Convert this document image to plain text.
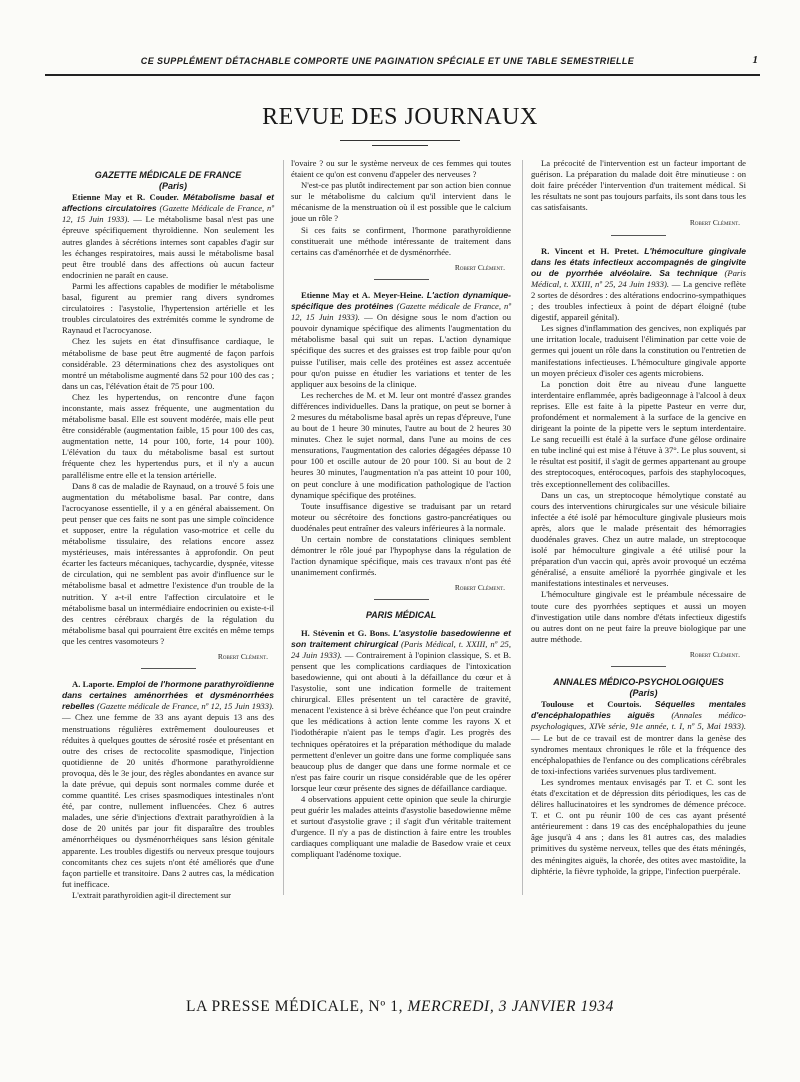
CE SUPPLÉMENT DÉTACHABLE COMPORTE UNE PAGINATION SPÉCIALE ET UNE TABLE SEMESTRIELLE	1
REVUE DES JOURNAUX

GAZETTE MÉDICALE DE FRANCE

(Paris)

Etienne May et R. Couder. Métabolisme basal et affections circulatoires (Gazette Médicale de France, nº 12, 15 Juin 1933). — Le métabolisme basal n'est pas une épreuve spécifiquement thyroïdienne. Non seulement les autres glandes à sécrétions internes sont capables d'agir sur les échanges respiratoires, mais aussi le métabolisme basal peut être troublé dans des affections où aucun facteur endocrinien ne paraît en cause.

Parmi les affections capables de modifier le métabolisme basal, figurent au premier rang divers syndromes circulatoires : l'asystolie, l'hypertension artérielle et les troubles circulatoires des extrémités comme le syndrome de Raynaud et l'acrocyanose.

Chez les sujets en état d'insuffisance cardiaque, le métabolisme de base peut être augmenté de façon parfois considérable. 23 déterminations chez des asystoliques ont montré un métabolisme augmenté dans 52 pour 100 des cas ; dans un cas, l'élévation était de 75 pour 100.

Chez les hypertendus, on rencontre d'une façon inconstante, mais assez fréquente, une augmentation du métabolisme basal. Elle est souvent modérée, mais elle peut être considérable (augmentation faible, 15 pour 100 des cas, augmentation nette, 14 pour 100, forte, 14 pour 100). L'élévation du taux du métabolisme basal est surtout fréquente chez les hypertendus purs, et il n'y a aucun parallélisme entre elle et la tension artérielle.

Dans 8 cas de maladie de Raynaud, on a trouvé 5 fois une augmentation du métabolisme basal. Par contre, dans l'acrocyanose essentielle, il y a en général abaissement. On peut penser que ces faits ne sont pas une simple coïncidence et supposer, entre la régulation vaso-motrice et celle du métabolisme tissulaire, des relations encore assez mystérieuses, mais intéressantes à approfondir. On peut écarter les facteurs mécaniques, tachycardie, dyspnée, vitesse de circulation, qui ne semblent pas avoir d'influence sur le métabolisme basal et admettre l'existence d'un trouble de la nutrition. Y a-t-il entre l'affection circulatoire et le métabolisme basal un intermédiaire endocrinien ou existe-t-il des centres cérébraux chargés de la régulation du métabolisme basal qui pourraient être excités en même temps que les centres vasomoteurs ?

Robert Clément.

A. Laporte. Emploi de l'hormone parathyroïdienne dans certaines aménorrhées et dysménorrhées rebelles (Gazette médicale de France, nº 12, 15 Juin 1933). — Chez une femme de 33 ans ayant depuis 13 ans des menstruations régulières extrêmement douloureuses et réduites à quelques gouttes de sérosité rosée et présentant en outre des crises de rectocolite spasmodique, l'injection quotidienne de 20 unités d'hormone parathyroïdienne provoqua, dès le 3e jour, des règles abondantes en avance sur la date prévue, qui depuis sont normales comme durée et comme quantité. Les crises spasmodiques intestinales n'ont été, par contre, nullement influencées. Chez 6 autres malades, une série d'injections d'extrait parathyroïdien à la dose de 20 unités par jour fit disparaître des troubles aménorrhéiques ou dysménorrhéiques sans lésion génitale apparente. Les troubles digestifs ou nerveux presque toujours concomitants chez ces sujets n'ont été améliorés que d'une façon partielle et transitoire. Dans 2 autres cas, la médication fut inefficace.

L'extrait parathyroïdien agit-il directement sur

l'ovaire ? ou sur le système nerveux de ces femmes qui toutes étaient ce qu'on est convenu d'appeler des nerveuses ?

N'est-ce pas plutôt indirectement par son action bien connue sur le métabolisme du calcium qu'il intervient dans le mécanisme de la menstruation où il est possible que le calcium joue un rôle ?

Si ces faits se confirment, l'hormone parathyroïdienne constituerait une méthode intéressante de traitement dans certains cas d'aménorrhée et de dysménorrhée.

Robert Clément.

Etienne May et A. Meyer-Heine. L'action dynamique-spécifique des protéines (Gazette médicale de France, nº 12, 15 Juin 1933). — On désigne sous le nom d'action ou pouvoir dynamique spécifique des aliments l'augmentation du métabolisme basal qui suit un repas. L'action dynamique spécifique des sucres et des graisses est trop faible pour qu'on puisse l'utiliser, mais celle des protéines est assez accentuée pour qu'on puisse en étudier les variations et tenter de les appliquer aux besoins de la clinique.

Les recherches de M. et M. leur ont montré d'assez grandes différences individuelles. Dans la pratique, on peut se borner à 2 mesures du métabolisme basal après un repas d'épreuve, l'une au bout de 1 heure 30 minutes, l'autre au bout de 2 heures 30 minutes. Chez le sujet normal, dans l'une au moins de ces mensurations, l'augmentation des calories dégagées dépasse 10 pour 100 et oscille autour de 20 pour 100. Si au bout de 2 heures 30 minutes, l'augmentation n'a pas atteint 10 pour 100, on peut conclure à une modification pathologique de l'action dynamique spécifique des protéines.

Toute insuffisance digestive se traduisant par un retard moteur ou sécrétoire des fonctions gastro-pancréatiques ou duodénales peut entraîner des valeurs inférieures à la normale.

Un certain nombre de constatations cliniques semblent démontrer le rôle joué par l'hypophyse dans la régulation de l'action dynamique spécifique, mais ces travaux n'ont pas été unanimement confirmés.

Robert Clément.

PARIS MÉDICAL

H. Stévenin et G. Bons. L'asystolie basedowienne et son traitement chirurgical (Paris Médical, t. XXIII, nº 25, 24 Juin 1933). — Contrairement à l'opinion classique, S. et B. pensent que les complications cardiaques de l'intoxication basedowienne, qui ont abouti à la défaillance du cœur et à l'asystolie, sont une indication formelle de traitement chirurgical. Elles présentent un tel caractère de gravité, menacent l'existence à si brève échéance que l'on peut craindre que les médications à action lente comme les rayons X et l'iodothérapie n'aient pas le temps d'agir. Les progrès des techniques opératoires et la préparation méthodique du malade permettent d'enlever un goitre dans une forme compliquée sans beaucoup plus de danger que dans une forme normale et ce n'est pas faire courir un risque considérable que de les opérer lorsque leur cœur présente des signes de défaillance cardiaque.

4 observations appuient cette opinion que seule la chirurgie peut guérir les malades atteints d'asystolie basedowienne même et surtout d'asystolie grave ; il s'agit d'un véritable traitement d'urgence. Il n'y a pas de distinction à faire entre les troubles cardiaques compliquant une maladie de Basedow vraie et ceux compliquant l'adénome toxique.

La précocité de l'intervention est un facteur important de guérison. La préparation du malade doit être minutieuse : on doit faire précéder l'intervention d'un traitement médical. Si les résultats ne sont pas toujours parfaits, ils sont dans tous les cas satisfaisants.

Robert Clément.

R. Vincent et H. Pretet. L'hémoculture gingivale dans les états infectieux accompagnés de gingivite ou de pyorrhée alvéolaire. Sa technique (Paris Médical, t. XXIII, nº 25, 24 Juin 1933). — La gencive reflète 2 sortes de désordres : des altérations endocrino-sympathiques ; des troubles infectieux à point de départ éloigné (tube digestif, appareil génital).

Les signes d'inflammation des gencives, non expliqués par une irritation locale, traduisent l'élimination par cette voie de germes qui jouent un rôle dans la constitution ou l'entretien de manifestations infectieuses. L'hémoculture gingivale apporte un moyen précieux d'isoler ces agents microbiens.

La ponction doit être au niveau d'une languette interdentaire enflammée, après badigeonnage à l'alcool à deux reprises. Elle est faite à la pipette Pasteur en verre dur, profondément et normalement à la surface de la gencive en dirigeant la pointe de la pipette vers le septum interdentaire. Le sang recueilli est étalé à la surface d'une gélose ordinaire en tube incliné qui est mise à l'étuve à 37°. Le plus souvent, si le résultat est positif, il s'agit de germes appartenant au groupe des streptocoques, entérocoques, parfois des staphylocoques, très exceptionnellement des colibacilles.

Dans un cas, un streptocoque hémolytique constaté au cours des interventions chirurgicales sur une vésicule biliaire infectée a été isolé par hémoculture gingivale plusieurs mois après, alors que le malade présentait des hémorragies duodénales graves. Chez un autre malade, un streptocoque isolé par hémoculture gingivale a été utilisé pour la préparation d'un vaccin qui, après avoir provoqué un eczéma généralisé, a ensuite amélioré la pyorrhée gingivale et les manifestations intestinales et nerveuses.

L'hémoculture gingivale est le préambule nécessaire de toute cure des pyorrhées septiques et aussi un moyen d'investigation utile dans nombre d'états infectieux digestifs ou autres dont on ne peut faire la preuve biologique par une autre méthode.

Robert Clément.

ANNALES MÉDICO-PSYCHOLOGIQUES

(Paris)

Toulouse et Courtois. Séquelles mentales d'encéphalopathies aiguës (Annales médico-psychologiques, XIVe série, 91e année, t. I, nº 5, Mai 1933). — Le but de ce travail est de montrer dans la genèse des syndromes mentaux chroniques le rôle et la fréquence des encéphalopathies de l'enfance ou des complications cérébrales de toxi-infections variées survenues plus tardivement.

Les syndromes mentaux envisagés par T. et C. sont les états d'excitation et de dépression dits périodiques, les cas de délires hallucinatoires et les syndromes de démence précoce. T. et C. ont pu réunir 100 de ces cas ayant présenté antérieurement : dans 19 cas des encéphalopathies du jeune âge jusqu'à 4 ans ; dans les 81 autres cas, des maladies primitives du système nerveux, telles que des états méningés, des méningites aiguës, la chorée, des otites avec mastoïdite, la diphtérie, la fièvre typhoïde, la grippe, l'infection puerpérale.

LA PRESSE MÉDICALE, Nº 1, MERCREDI, 3 JANVIER 1934
